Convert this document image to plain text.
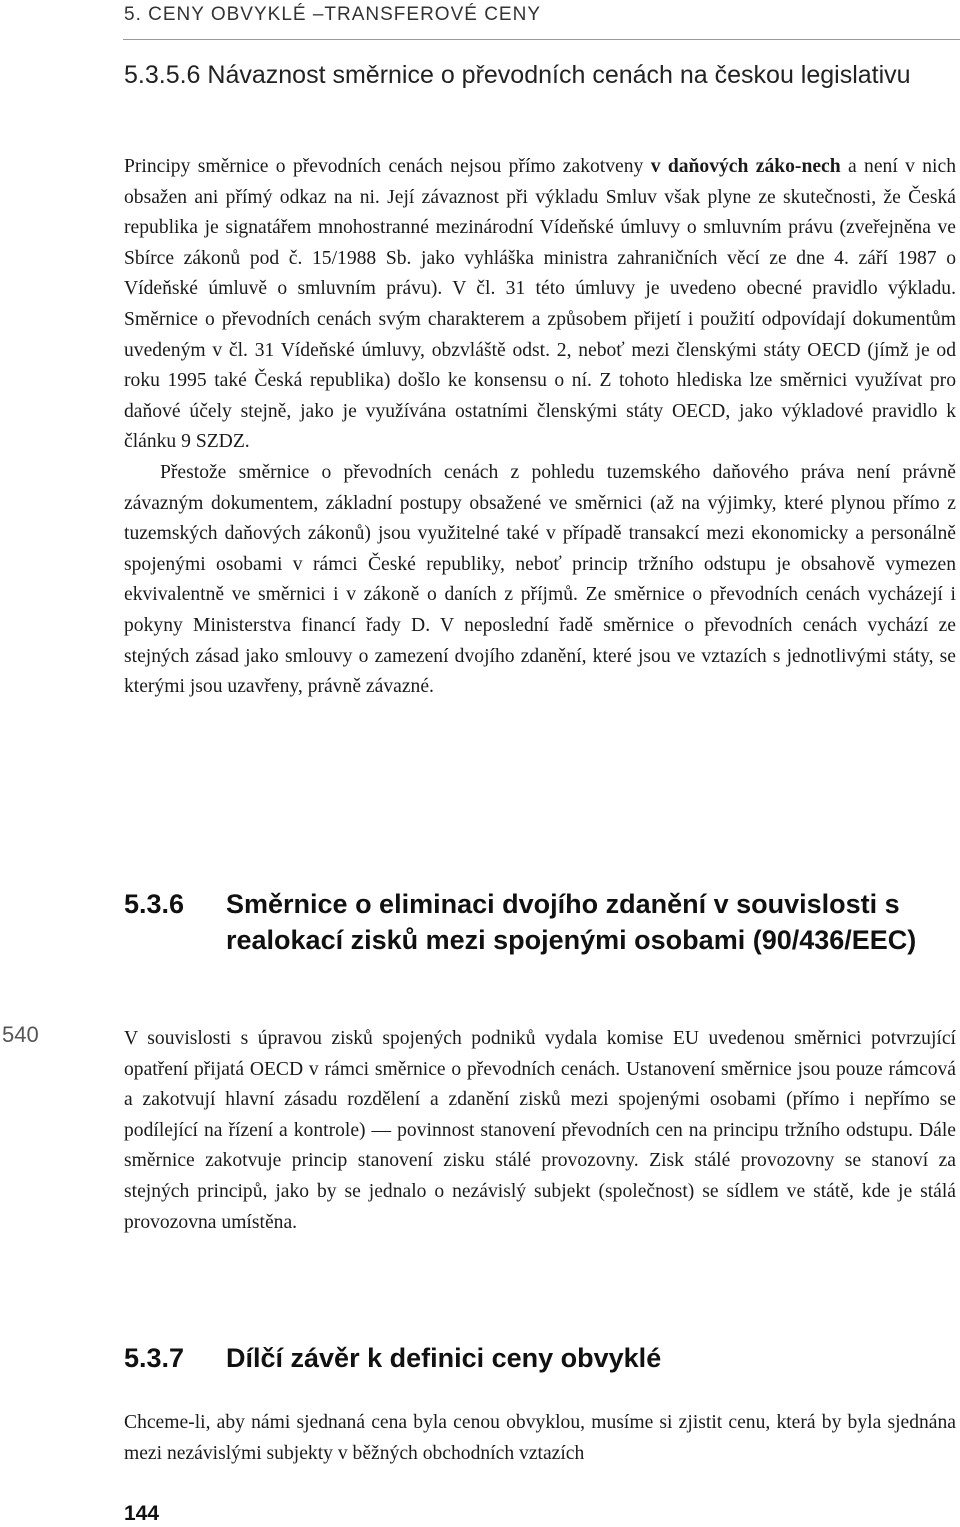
5. CENY OBVYKLÉ –TRANSFEROVÉ CENY
5.3.5.6 Návaznost směrnice o převodních cenách na českou legislativu

Principy směrnice o převodních cenách nejsou přímo zakotveny v daňových záko-nech a není v nich obsažen ani přímý odkaz na ni. Její závaznost při výkladu Smluv však plyne ze skutečnosti, že Česká republika je signatářem mnohostranné mezinárodní Vídeňské úmluvy o smluvním právu (zveřejněna ve Sbírce zákonů pod č. 15/1988 Sb. jako vyhláška ministra zahraničních věcí ze dne 4. září 1987 o Vídeňské úmluvě o smluvním právu). V čl. 31 této úmluvy je uvedeno obecné pravidlo výkladu. Směrnice o převodních cenách svým charakterem a způsobem přijetí i použití odpovídají dokumentům uvedeným v čl. 31 Vídeňské úmluvy, obzvláště odst. 2, neboť mezi členskými státy OECD (jímž je od roku 1995 také Česká republika) došlo ke konsensu o ní. Z tohoto hlediska lze směrnici využívat pro daňové účely stejně, jako je využívána ostatními členskými státy OECD, jako výkladové pravidlo k článku 9 SZDZ.

Přestože směrnice o převodních cenách z pohledu tuzemského daňového práva není právně závazným dokumentem, základní postupy obsažené ve směrnici (až na výjimky, které plynou přímo z tuzemských daňových zákonů) jsou využitelné také v případě transakcí mezi ekonomicky a personálně spojenými osobami v rámci České republiky, neboť princip tržního odstupu je obsahově vymezen ekvivalentně ve směrnici i v zákoně o daních z příjmů. Ze směrnice o převodních cenách vycházejí i pokyny Ministerstva financí řady D. V neposlední řadě směrnice o převodních cenách vychází ze stejných zásad jako smlouvy o zamezení dvojího zdanění, které jsou ve vztazích s jednotlivými státy, se kterými jsou uzavřeny, právně závazné.

5.3.6 Směrnice o eliminaci dvojího zdanění v souvislosti s realokací zisků mezi spojenými osobami (90/436/EEC)
540	V souvislosti s úpravou zisků spojených podniků vydala komise EU uvedenou směrnici potvrzující opatření přijatá OECD v rámci směrnice o převodních cenách. Ustanovení směrnice jsou pouze rámcová a zakotvují hlavní zásadu rozdělení a zdanění zisků mezi spojenými osobami (přímo i nepřímo se podílející na řízení a kontrole) — povinnost stanovení převodních cen na principu tržního odstupu. Dále směrnice zakotvuje princip stanovení zisku stálé provozovny. Zisk stálé provozovny se stanoví za stejných principů, jako by se jednalo o nezávislý subjekt (společnost) se sídlem ve státě, kde je stálá provozovna umístěna.

5.3.7 Dílčí závěr k definici ceny obvyklé

Chceme-li, aby námi sjednaná cena byla cenou obvyklou, musíme si zjistit cenu, která by byla sjednána mezi nezávislými subjekty v běžných obchodních vztazích

144
